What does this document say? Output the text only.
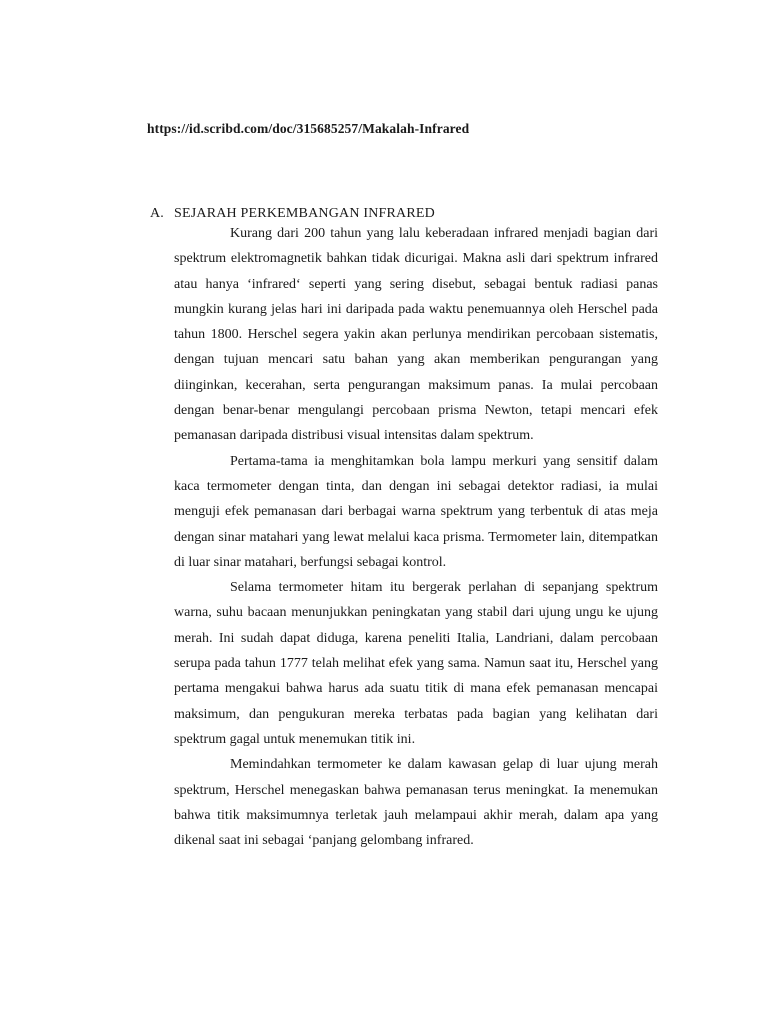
https://id.scribd.com/doc/315685257/Makalah-Infrared
A. SEJARAH PERKEMBANGAN INFRARED

Kurang dari 200 tahun yang lalu keberadaan infrared menjadi bagian dari spektrum elektromagnetik bahkan tidak dicurigai. Makna asli dari spektrum infrared atau hanya ‘infrared‘ seperti yang sering disebut, sebagai bentuk radiasi panas mungkin kurang jelas hari ini daripada pada waktu penemuannya oleh Herschel pada tahun 1800. Herschel segera yakin akan perlunya mendirikan percobaan sistematis, dengan tujuan mencari satu bahan yang akan memberikan pengurangan yang diinginkan, kecerahan, serta pengurangan maksimum panas. Ia mulai percobaan dengan benar-benar mengulangi percobaan prisma Newton, tetapi mencari efek pemanasan daripada distribusi visual intensitas dalam spektrum.

Pertama-tama ia menghitamkan bola lampu merkuri yang sensitif dalam kaca termometer dengan tinta, dan dengan ini sebagai detektor radiasi, ia mulai menguji efek pemanasan dari berbagai warna spektrum yang terbentuk di atas meja dengan sinar matahari yang lewat melalui kaca prisma. Termometer lain, ditempatkan di luar sinar matahari, berfungsi sebagai kontrol.

Selama termometer hitam itu bergerak perlahan di sepanjang spektrum warna, suhu bacaan menunjukkan peningkatan yang stabil dari ujung ungu ke ujung merah. Ini sudah dapat diduga, karena peneliti Italia, Landriani, dalam percobaan serupa pada tahun 1777 telah melihat efek yang sama. Namun saat itu, Herschel yang pertama mengakui bahwa harus ada suatu titik di mana efek pemanasan mencapai maksimum, dan pengukuran mereka terbatas pada bagian yang kelihatan dari spektrum gagal untuk menemukan titik ini.

Memindahkan termometer ke dalam kawasan gelap di luar ujung merah spektrum, Herschel menegaskan bahwa pemanasan terus meningkat. Ia menemukan bahwa titik maksimumnya terletak jauh melampaui akhir merah, dalam apa yang dikenal saat ini sebagai ‘panjang gelombang infrared.
